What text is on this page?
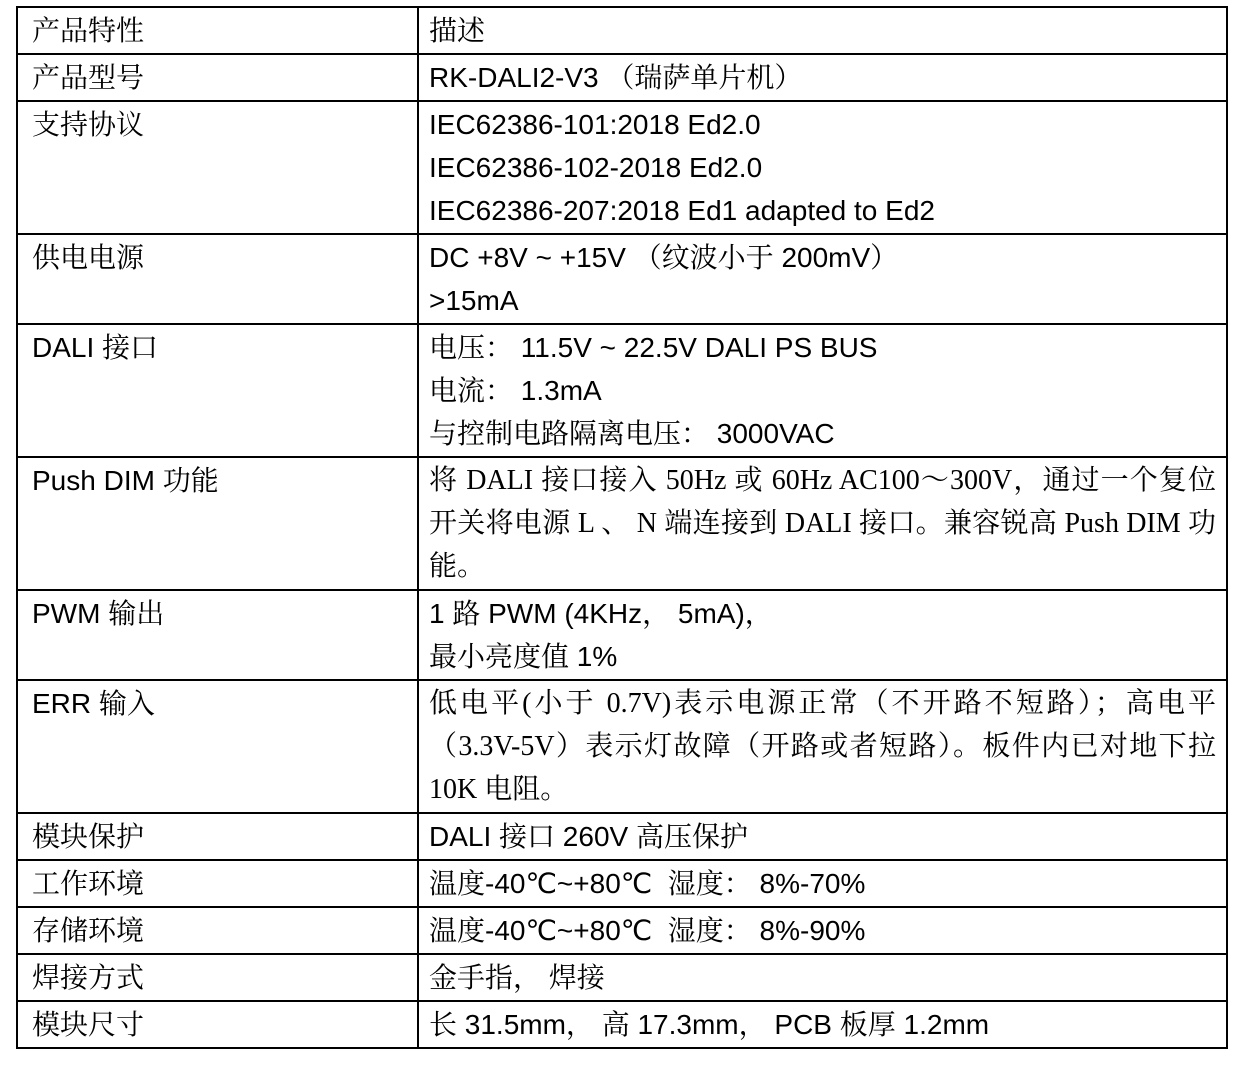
产品特性	描述
产品型号	RK-DALI2-V3 （瑞萨单片机）

支持协议	IEC62386-101:2018 Ed2.0
IEC62386-102-2018 Ed2.0
IEC62386-207:2018 Ed1 adapted to Ed2

供电电源	DC +8V ~ +15V （纹波小于 200mV）
>15mA

DALI 接口	电压： 11.5V ~ 22.5V DALI PS BUS
电流： 1.3mA
与控制电路隔离电压： 3000VAC

Push DIM 功能	将 DALI 接口接入 50Hz 或 60Hz AC100～300V，通过一个复位开关将电源 L 、 N 端连接到 DALI 接口。兼容锐高 Push DIM 功能。

PWM 输出	1 路 PWM (4KHz， 5mA)，
最小亮度值 1%

ERR 输入	低电平(小于 0.7V)表示电源正常（不开路不短路）；高电平（3.3V-5V）表示灯故障（开路或者短路）。板件内已对地下拉 10K 电阻。

模块保护	DALI 接口 260V 高压保护

工作环境	温度-40℃~+80℃  湿度： 8%-70%

存储环境	温度-40℃~+80℃  湿度： 8%-90%

焊接方式	金手指， 焊接

模块尺寸	长 31.5mm， 高 17.3mm， PCB 板厚 1.2mm
